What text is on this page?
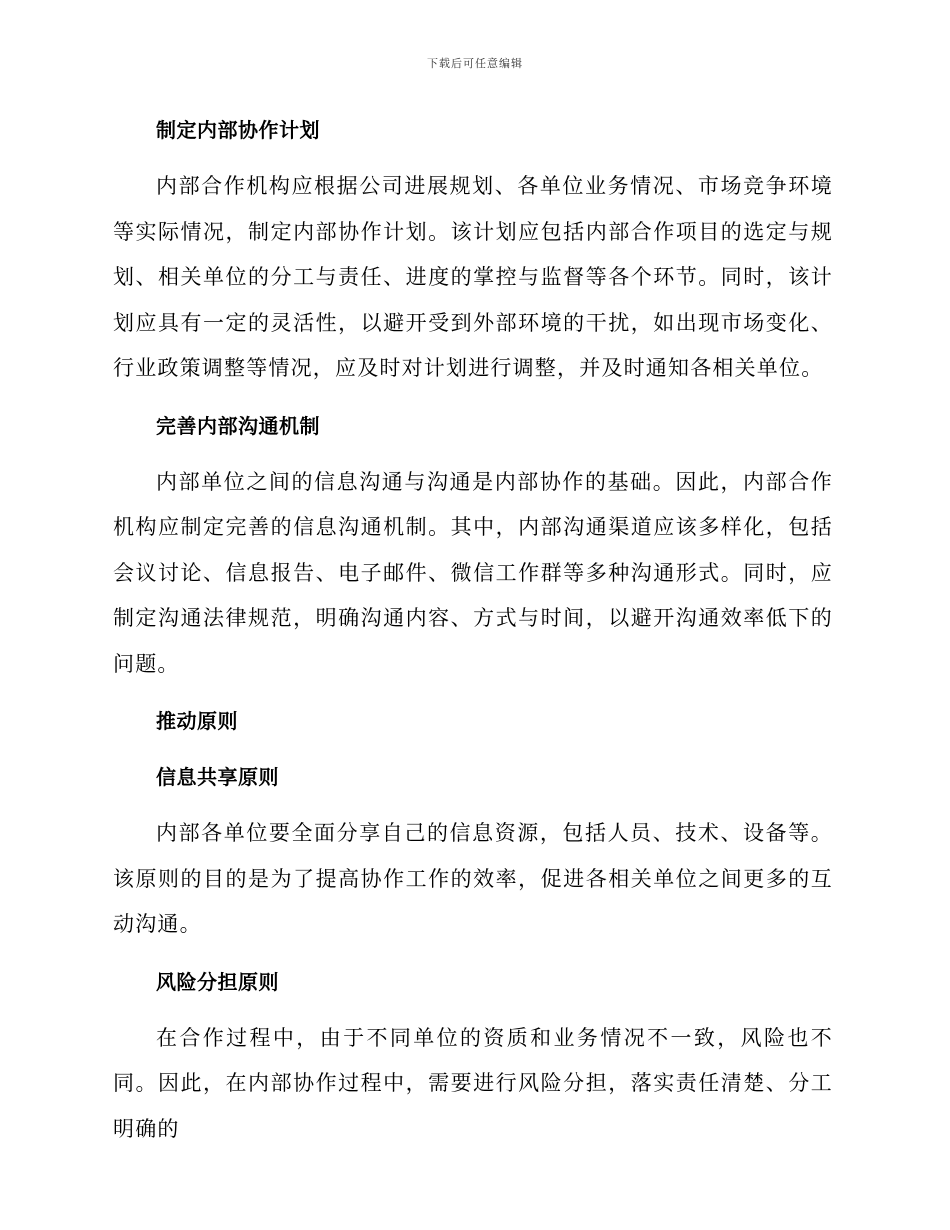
下载后可任意编辑
制定内部协作计划

内部合作机构应根据公司进展规划、各单位业务情况、市场竞争环境等实际情况，制定内部协作计划。该计划应包括内部合作项目的选定与规划、相关单位的分工与责任、进度的掌控与监督等各个环节。同时，该计划应具有一定的灵活性，以避开受到外部环境的干扰，如出现市场变化、行业政策调整等情况，应及时对计划进行调整，并及时通知各相关单位。

完善内部沟通机制

内部单位之间的信息沟通与沟通是内部协作的基础。因此，内部合作机构应制定完善的信息沟通机制。其中，内部沟通渠道应该多样化，包括会议讨论、信息报告、电子邮件、微信工作群等多种沟通形式。同时，应制定沟通法律规范，明确沟通内容、方式与时间，以避开沟通效率低下的问题。

推动原则
信息共享原则

内部各单位要全面分享自己的信息资源，包括人员、技术、设备等。该原则的目的是为了提高协作工作的效率，促进各相关单位之间更多的互动沟通。

风险分担原则

在合作过程中，由于不同单位的资质和业务情况不一致，风险也不同。因此，在内部协作过程中，需要进行风险分担，落实责任清楚、分工明确的
